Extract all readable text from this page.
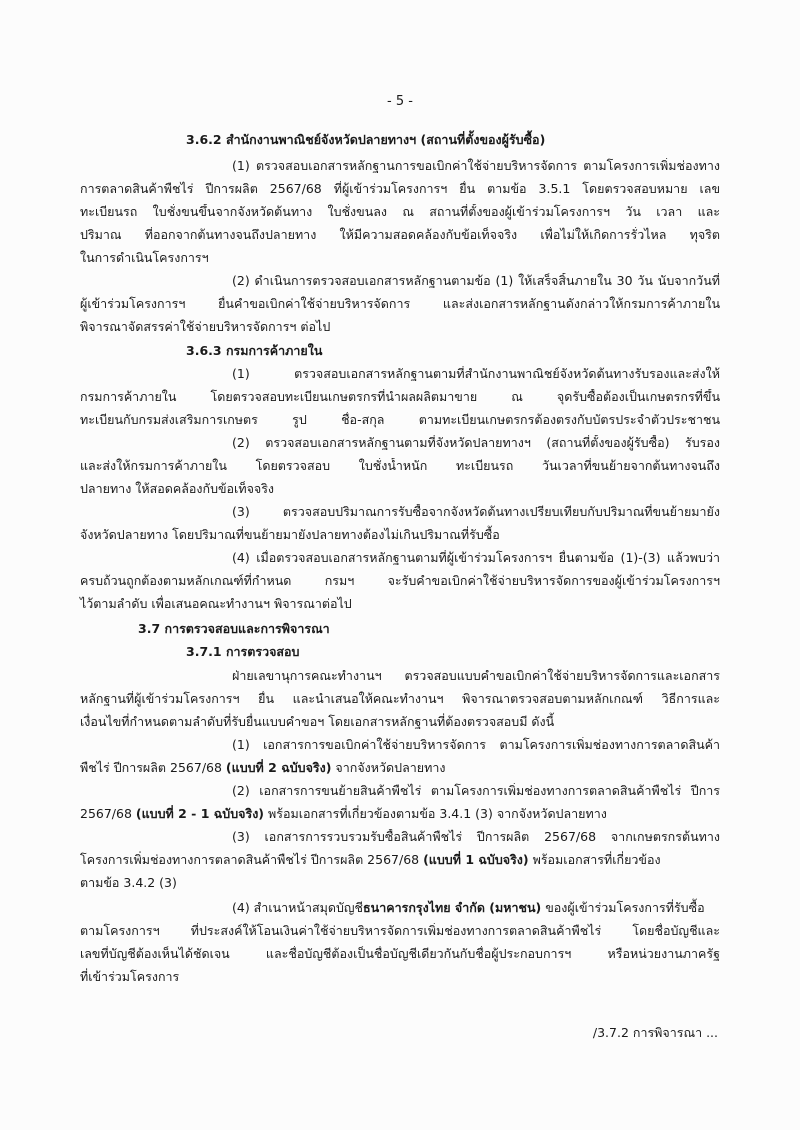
- 5 -
3.6.2 สำนักงานพาณิชย์จังหวัดปลายทางฯ (สถานที่ตั้งของผู้รับซื้อ)
(1) ตรวจสอบเอกสารหลักฐานการขอเบิกค่าใช้จ่ายบริหารจัดการ ตามโครงการเพิ่มช่องทาง
การตลาดสินค้าพืชไร่ ปีการผลิต 2567/68 ที่ผู้เข้าร่วมโครงการฯ ยื่น ตามข้อ 3.5.1 โดยตรวจสอบหมาย เลข
ทะเบียนรถ ใบชั่งขนขึ้นจากจังหวัดต้นทาง ใบชั่งขนลง ณ สถานที่ตั้งของผู้เข้าร่วมโครงการฯ วัน เวลา และ
ปริมาณ ที่ออกจากต้นทางจนถึงปลายทาง ให้มีความสอดคล้องกับข้อเท็จจริง เพื่อไม่ให้เกิดการรั่วไหล ทุจริต
ในการดำเนินโครงการฯ
(2) ดำเนินการตรวจสอบเอกสารหลักฐานตามข้อ (1) ให้เสร็จสิ้นภายใน 30 วัน นับจากวันที่
ผู้เข้าร่วมโครงการฯ ยื่นคำขอเบิกค่าใช้จ่ายบริหารจัดการ และส่งเอกสารหลักฐานดังกล่าวให้กรมการค้าภายใน
พิจารณาจัดสรรค่าใช้จ่ายบริหารจัดการฯ ต่อไป
3.6.3 กรมการค้าภายใน
(1) ตรวจสอบเอกสารหลักฐานตามที่สำนักงานพาณิชย์จังหวัดต้นทางรับรองและส่งให้
กรมการค้าภายใน โดยตรวจสอบทะเบียนเกษตรกรที่นำผลผลิตมาขาย ณ จุดรับซื้อต้องเป็นเกษตรกรที่ขึ้น
ทะเบียนกับกรมส่งเสริมการเกษตร รูป ชื่อ-สกุล ตามทะเบียนเกษตรกรต้องตรงกับบัตรประจำตัวประชาชน
(2) ตรวจสอบเอกสารหลักฐานตามที่จังหวัดปลายทางฯ (สถานที่ตั้งของผู้รับซื้อ) รับรอง
และส่งให้กรมการค้าภายใน โดยตรวจสอบ ใบชั่งน้ำหนัก ทะเบียนรถ วันเวลาที่ขนย้ายจากต้นทางจนถึง
ปลายทาง ให้สอดคล้องกับข้อเท็จจริง
(3) ตรวจสอบปริมาณการรับซื้อจากจังหวัดต้นทางเปรียบเทียบกับปริมาณที่ขนย้ายมายัง
จังหวัดปลายทาง โดยปริมาณที่ขนย้ายมายังปลายทางต้องไม่เกินปริมาณที่รับซื้อ
(4) เมื่อตรวจสอบเอกสารหลักฐานตามที่ผู้เข้าร่วมโครงการฯ ยื่นตามข้อ (1)-(3) แล้วพบว่า
ครบถ้วนถูกต้องตามหลักเกณฑ์ที่กำหนด กรมฯ จะรับคำขอเบิกค่าใช้จ่ายบริหารจัดการของผู้เข้าร่วมโครงการฯ
ไว้ตามลำดับ เพื่อเสนอคณะทำงานฯ พิจารณาต่อไป
3.7 การตรวจสอบและการพิจารณา
3.7.1 การตรวจสอบ
ฝ่ายเลขานุการคณะทำงานฯ ตรวจสอบแบบคำขอเบิกค่าใช้จ่ายบริหารจัดการและเอกสาร
หลักฐานที่ผู้เข้าร่วมโครงการฯ ยื่น และนำเสนอให้คณะทำงานฯ พิจารณาตรวจสอบตามหลักเกณฑ์ วิธีการและ
เงื่อนไขที่กำหนดตามลำดับที่รับยื่นแบบคำขอฯ โดยเอกสารหลักฐานที่ต้องตรวจสอบมี ดังนี้
(1) เอกสารการขอเบิกค่าใช้จ่ายบริหารจัดการ ตามโครงการเพิ่มช่องทางการตลาดสินค้า
พืชไร่ ปีการผลิต 2567/68 (แบบที่ 2 ฉบับจริง) จากจังหวัดปลายทาง
(2) เอกสารการขนย้ายสินค้าพืชไร่ ตามโครงการเพิ่มช่องทางการตลาดสินค้าพืชไร่ ปีการ
2567/68 (แบบที่ 2 - 1 ฉบับจริง) พร้อมเอกสารที่เกี่ยวข้องตามข้อ 3.4.1 (3) จากจังหวัดปลายทาง
(3) เอกสารการรวบรวมรับซื้อสินค้าพืชไร่ ปีการผลิต 2567/68 จากเกษตรกรต้นทาง
โครงการเพิ่มช่องทางการตลาดสินค้าพืชไร่ ปีการผลิต 2567/68 (แบบที่ 1 ฉบับจริง) พร้อมเอกสารที่เกี่ยวข้อง
ตามข้อ 3.4.2 (3)
(4) สำเนาหน้าสมุดบัญชีธนาคารกรุงไทย จำกัด (มหาชน) ของผู้เข้าร่วมโครงการที่รับซื้อ
ตามโครงการฯ ที่ประสงค์ให้โอนเงินค่าใช้จ่ายบริหารจัดการเพิ่มช่องทางการตลาดสินค้าพืชไร่ โดยชื่อบัญชีและ
เลขที่บัญชีต้องเห็นได้ชัดเจน และชื่อบัญชีต้องเป็นชื่อบัญชีเดียวกันกับชื่อผู้ประกอบการฯ หรือหน่วยงานภาครัฐ
ที่เข้าร่วมโครงการ
/3.7.2 การพิจารณา ...
